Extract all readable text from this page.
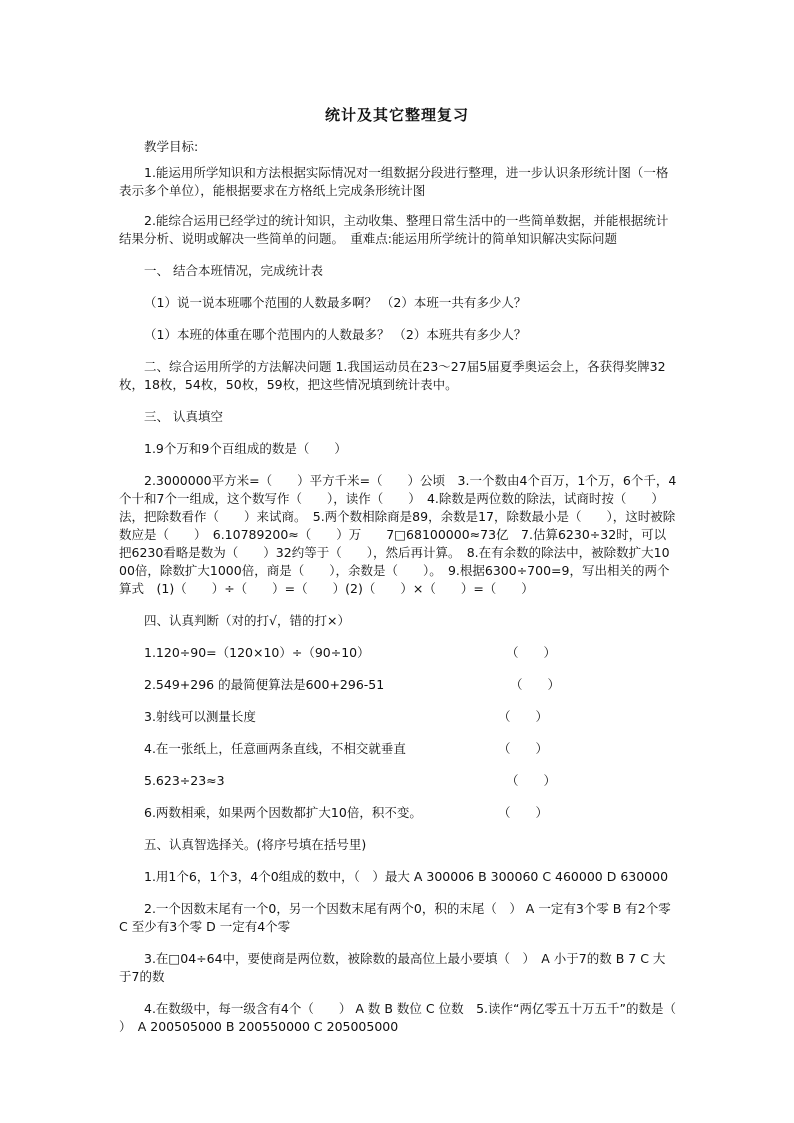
统计及其它整理复习

教学目标:

1.能运用所学知识和方法根据实际情况对一组数据分段进行整理，进一步认识条形统计图（一格表示多个单位），能根据要求在方格纸上完成条形统计图

2.能综合运用已经学过的统计知识，主动收集、整理日常生活中的一些简单数据，并能根据统计结果分析、说明或解决一些简单的问题。　重难点:能运用所学统计的简单知识解决实际问题

一、 结合本班情况，完成统计表

（1）说一说本班哪个范围的人数最多啊？ （2）本班一共有多少人？

（1）本班的体重在哪个范围内的人数最多？ （2）本班共有多少人？

二、综合运用所学的方法解决问题 1.我国运动员在23～27届5届夏季奥运会上，各获得奖牌32枚，18枚，54枚，50枚，59枚，把这些情况填到统计表中。

三、 认真填空

1.9个万和9个百组成的数是（　　）

2.3000000平方米=（　　）平方千米=（　　）公顷　3.一个数由4个百万，1个万，6个千，4个十和7个一组成，这个数写作（　　），读作（　　）　4.除数是两位数的除法，试商时按（　　）法，把除数看作（　　）来试商。　5.两个数相除商是89，余数是17，除数最小是（　　），这时被除数应是（　　）　6.10789200≈（　　）万　　7□68100000≈73亿　7.估算6230÷32时，可以把6230看略是数为（　　）32约等于（　　），然后再计算。　8.在有余数的除法中，被除数扩大1000倍，除数扩大1000倍，商是（　　），余数是（　　）。　9.根据6300÷700=9，写出相关的两个算式　(1)（　　）÷（　　）=（　　）(2)（　　）×（　　）=（　　）

四、认真判断（对的打√，错的打×）

1.120÷90=（120×10）÷（90÷10）	（　　）

2.549+296 的最简便算法是600+296-51	（　　）

3.射线可以测量长度	（　　）

4.在一张纸上，任意画两条直线，不相交就垂直	（　　）

5.623÷23≈3	（　　）

6.两数相乘，如果两个因数都扩大10倍，积不变。	（　　）

五、认真智选择关。(将序号填在括号里)

1.用1个6，1个3，4个0组成的数中，（　）最大 A 300006 B 300060 C 460000 D 630000

2.一个因数末尾有一个0，另一个因数末尾有两个0，积的末尾（　） A 一定有3个零 B 有2个零 C 至少有3个零 D 一定有4个零

3.在□04÷64中，要使商是两位数，被除数的最高位上最小要填（　）　A 小于7的数 B 7 C 大于7的数

4.在数级中，每一级含有4个（　　） A 数 B 数位 C 位数　5.读作“两亿零五十万五千”的数是（　　）　A 200505000 B 200550000 C 205005000
